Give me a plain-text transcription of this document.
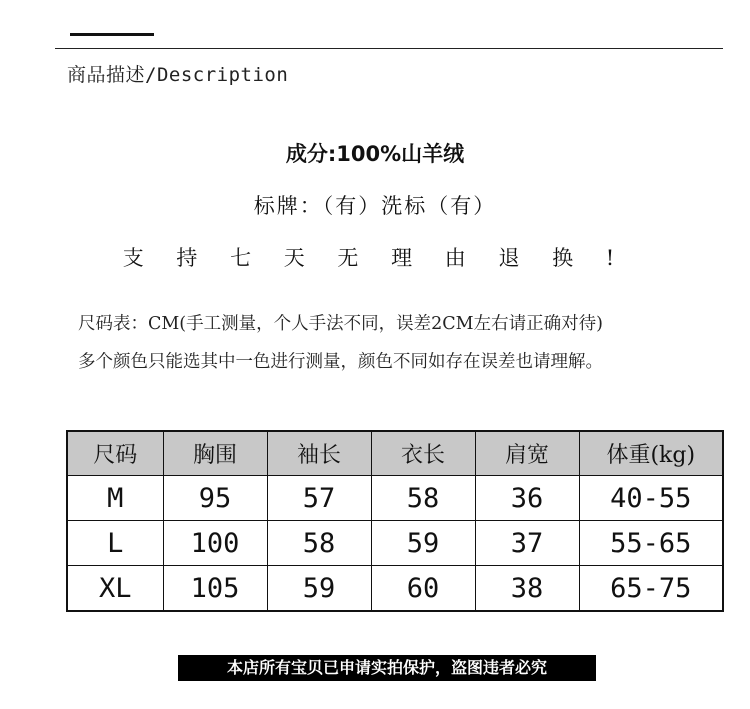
商品描述/Description
成分:100%山羊绒
标牌：（有）洗标（有）
支 持 七 天 无 理 由 退 换 !
尺码表：CM(手工测量，个人手法不同，误差2CM左右请正确对待)
多个颜色只能选其中一色进行测量，颜色不同如存在误差也请理解。
尺码	胸围	袖长	衣长	肩宽	体重(kg)
M	95	57	58	36	40-55
L	100	58	59	37	55-65
XL	105	59	60	38	65-75
本店所有宝贝已申请实拍保护，盗图违者必究
